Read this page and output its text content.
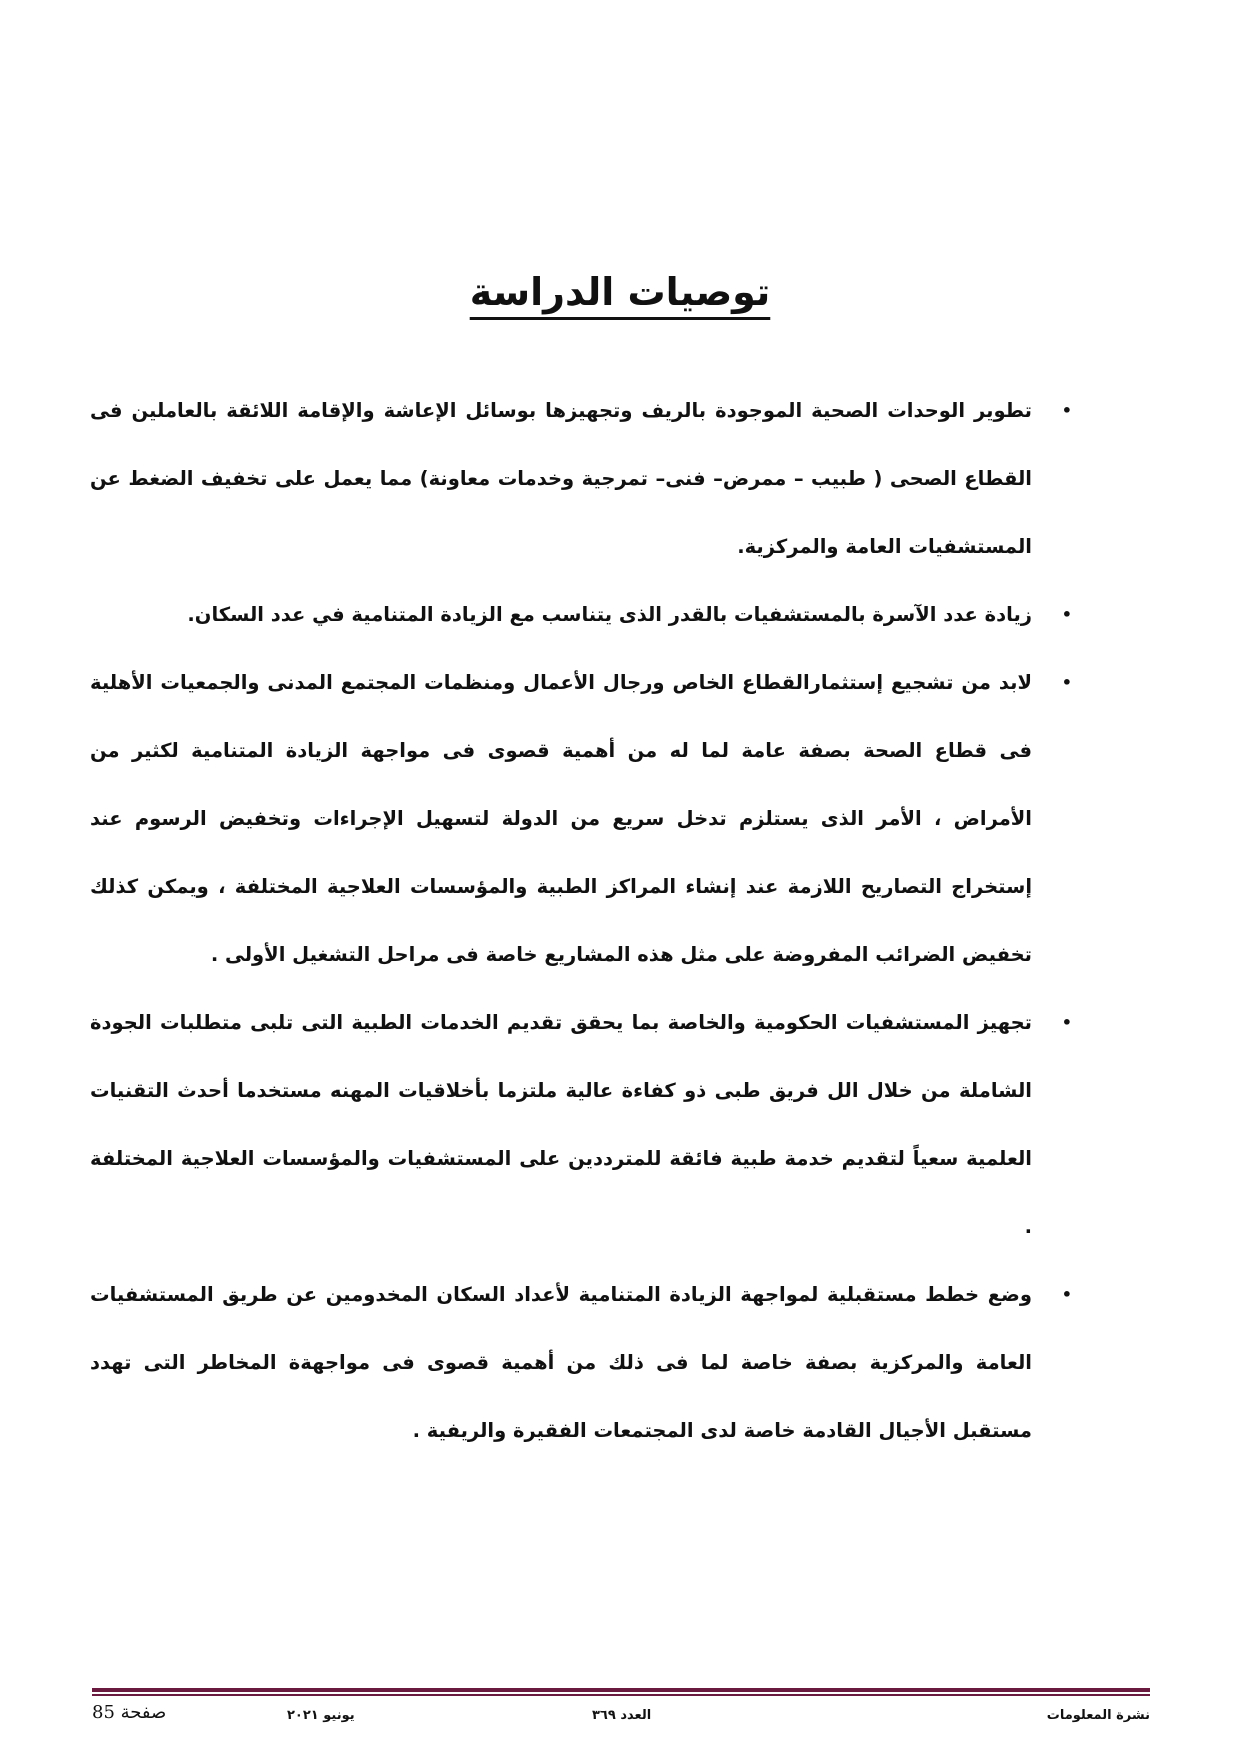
توصيات الدراسة
•
تطوير الوحدات الصحية الموجودة بالريف وتجهيزها بوسائل الإعاشة والإقامة اللائقة بالعاملين فى القطاع الصحى ( طبيب – ممرض– فنى– تمرجية وخدمات معاونة) مما يعمل على تخفيف الضغط عن المستشفيات العامة والمركزية.
•
زيادة عدد الآسرة بالمستشفيات بالقدر الذى يتناسب مع الزيادة المتنامية في عدد السكان.
•
لابد من تشجيع إستثمارالقطاع الخاص ورجال الأعمال ومنظمات المجتمع المدنى والجمعيات الأهلية فى قطاع الصحة بصفة عامة لما له من أهمية قصوى فى مواجهة الزيادة المتنامية لكثير من الأمراض ، الأمر الذى يستلزم تدخل سريع من الدولة لتسهيل الإجراءات وتخفيض الرسوم عند إستخراج التصاريح اللازمة عند إنشاء المراكز الطبية والمؤسسات العلاجية المختلفة ، ويمكن كذلك تخفيض الضرائب المفروضة على مثل هذه المشاريع خاصة فى مراحل التشغيل الأولى .
•
تجهيز المستشفيات الحكومية والخاصة بما يحقق تقديم الخدمات الطبية التى تلبى متطلبات الجودة الشاملة من خلال الل فريق طبى ذو كفاءة عالية ملتزما بأخلاقيات المهنه مستخدما أحدث التقنيات العلمية سعياً لتقديم خدمة طبية فائقة للمترددين على المستشفيات والمؤسسات العلاجية المختلفة .
•
وضع خطط مستقبلية لمواجهة الزيادة المتنامية لأعداد السكان المخدومين عن طريق المستشفيات العامة والمركزية بصفة خاصة لما فى ذلك من أهمية قصوى فى مواجهةة المخاطر التى تهدد مستقبل الأجيال القادمة خاصة لدى المجتمعات الفقيرة والريفية .
نشرة المعلومات
العدد ٣٦٩
يونيو ٢٠٢١
صفحة 85
